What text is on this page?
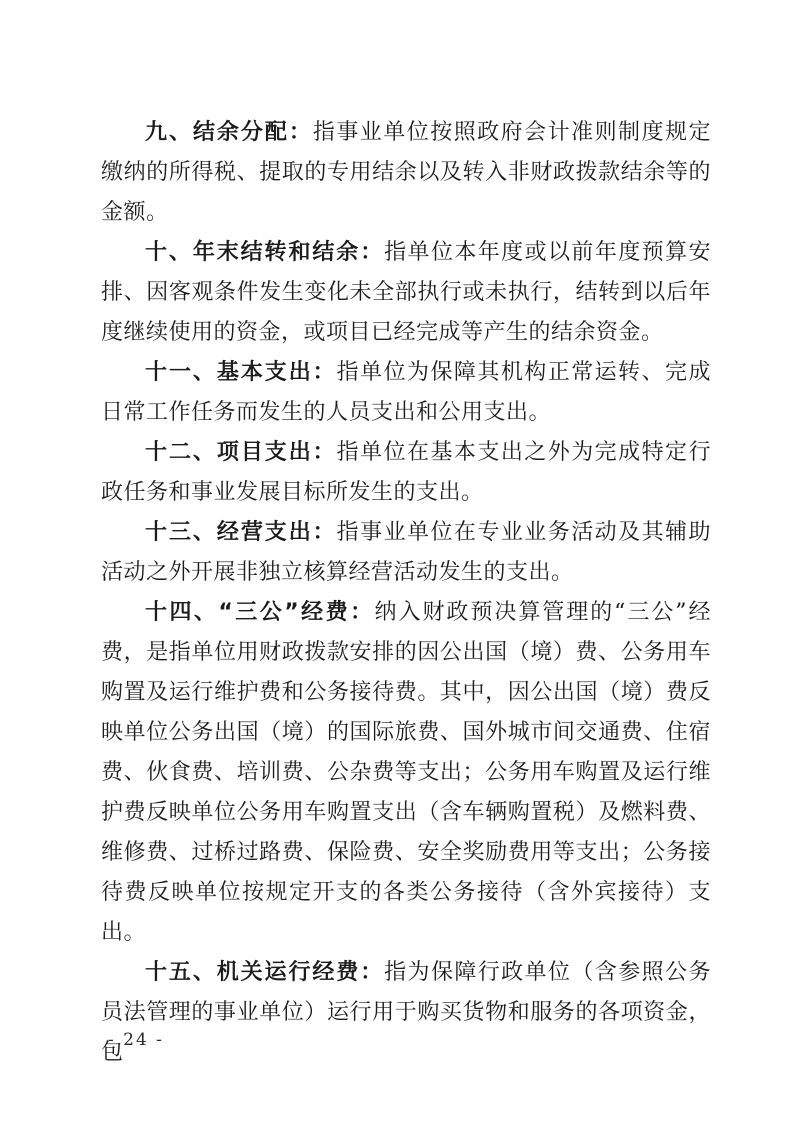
九、结余分配：指事业单位按照政府会计准则制度规定缴纳的所得税、提取的专用结余以及转入非财政拨款结余等的金额。

十、年末结转和结余：指单位本年度或以前年度预算安排、因客观条件发生变化未全部执行或未执行，结转到以后年度继续使用的资金，或项目已经完成等产生的结余资金。

十一、基本支出：指单位为保障其机构正常运转、完成日常工作任务而发生的人员支出和公用支出。

十二、项目支出：指单位在基本支出之外为完成特定行政任务和事业发展目标所发生的支出。

十三、经营支出：指事业单位在专业业务活动及其辅助活动之外开展非独立核算经营活动发生的支出。

十四、“三公”经费：纳入财政预决算管理的“三公”经费，是指单位用财政拨款安排的因公出国（境）费、公务用车购置及运行维护费和公务接待费。其中，因公出国（境）费反映单位公务出国（境）的国际旅费、国外城市间交通费、住宿费、伙食费、培训费、公杂费等支出；公务用车购置及运行维护费反映单位公务用车购置支出（含车辆购置税）及燃料费、维修费、过桥过路费、保险费、安全奖励费用等支出；公务接待费反映单位按规定开支的各类公务接待（含外宾接待）支出。

十五、机关运行经费：指为保障行政单位（含参照公务员法管理的事业单位）运行用于购买货物和服务的各项资金，包

- 24 -
